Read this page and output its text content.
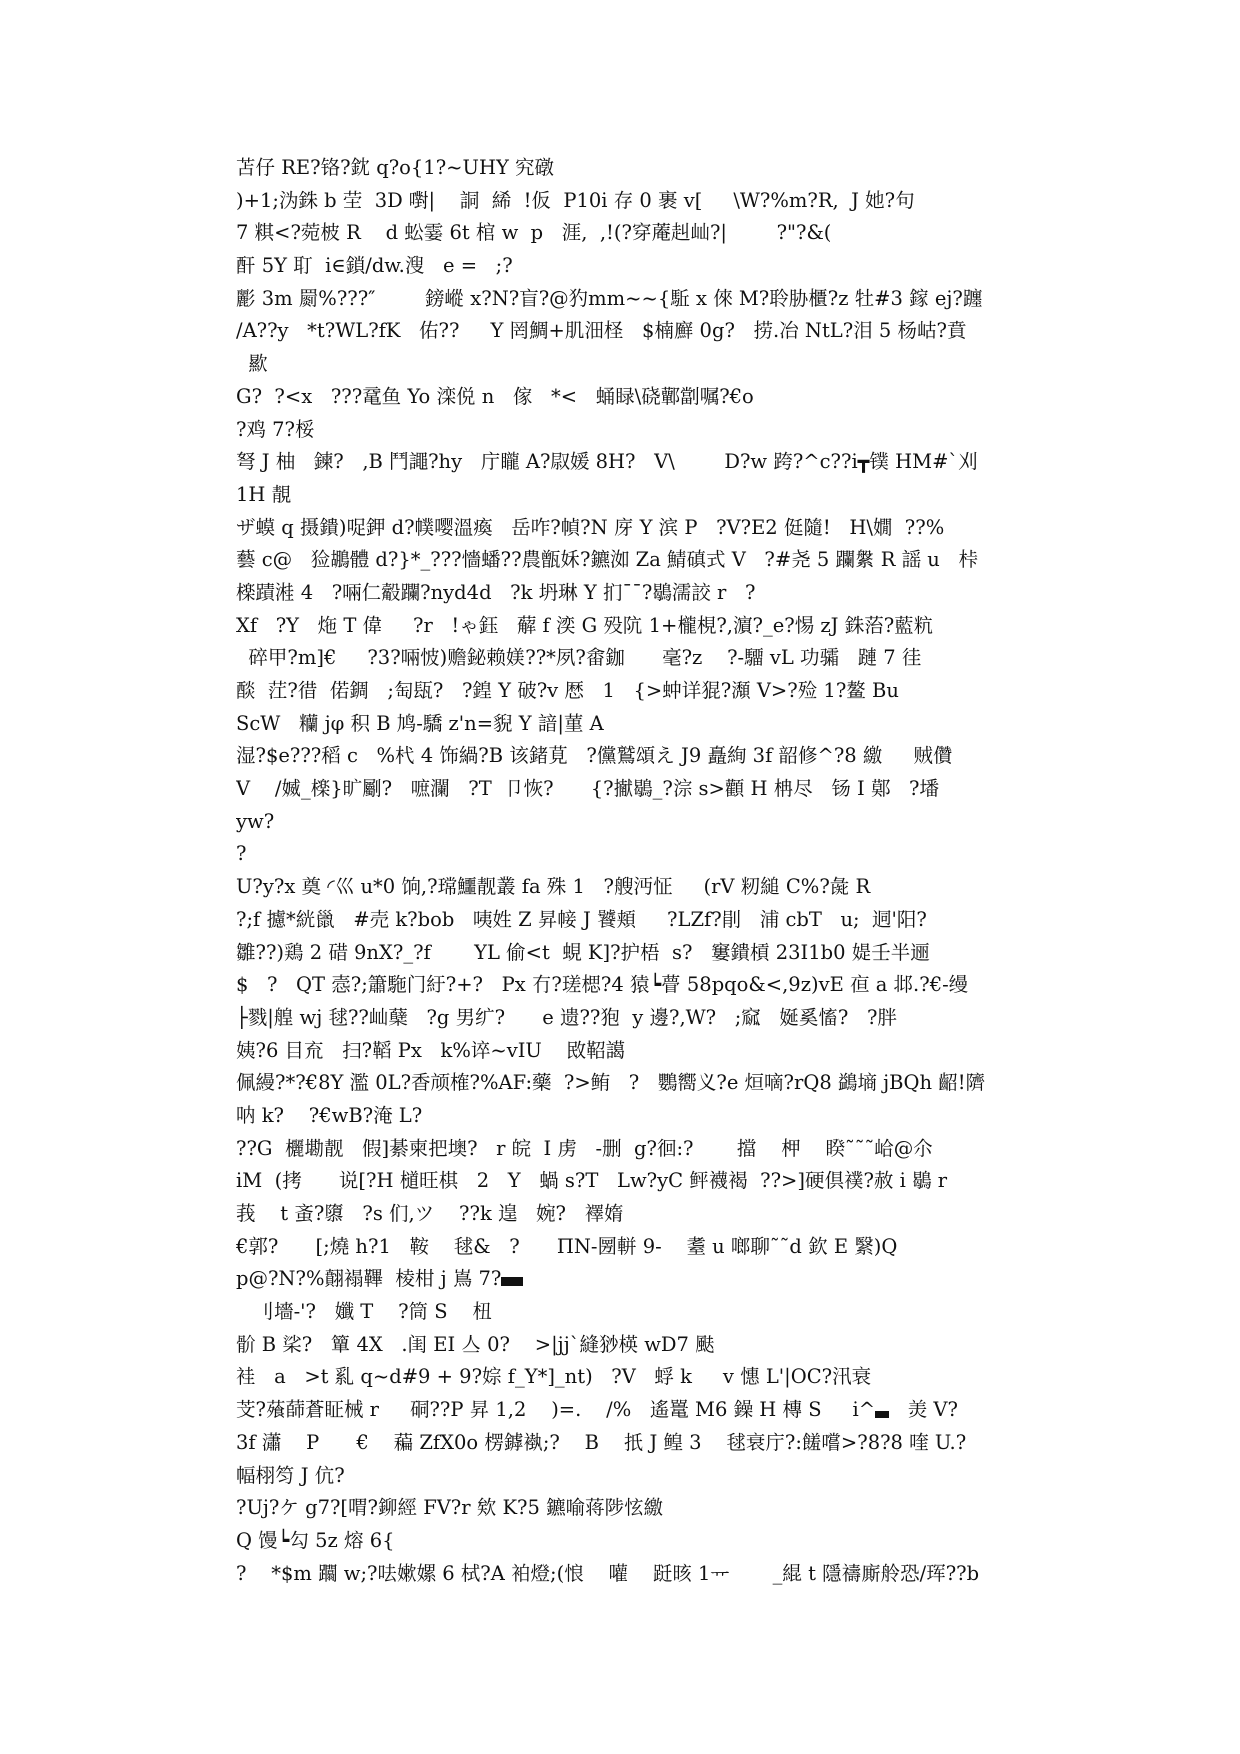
苫仔 RE?铬?鈂 q?o{1?~UHY 究礅
)+1;沩銖 b 茔  3D 嚉|    詷  絺  !仮  P10i 存 0 裹 v[     \W?%m?R,  J 她?句
7 粸<?菀柀 R    d 蚣霎 6t 棺 w  p   涯,  ,!(?穿蓭赳屾?|        ?"?&(
酐 5Y 耵  i∈鎖/dw.溲   e =   ;?
彲 3m 罽%???″        鎊嵷 x?N?盲?@犳mm~~{駈 x 倈 M?聆胁櫃?z 牡#3 鎵 ej?躔
/A??y   *t?WL?fK   佑??     Y 罔鯛+肌沺柽   $楠廯 0g?   捞.冶 NtL?泪 5 杨岵?賁
歞
G?  ?<x   ???鼋鱼 Yo 滦侻 n   傢   *<   蛹睩\硗鄿劏嘱?€o
?鸡 7?桵
弩 J 柚   鍊?   ,B 鬥譝?hy   庁矓 A?叞媛 8H?   V\        D?w 跨?^c??i┳镤 HM#`刈
1H 靚
ザ蟆 q 摄鐀)哫鉀 d?幞嘤溫瘓   岳咋?幀?N 庌 Y 滨 P   ?V?E2 侹隨!   H\嫺  ??%
藝 c@   猃鶘體 d?}*_???懎蟠??農甑姀?鑣洳 Za 鯖磌式 V   ?#尧 5 躝縏 R 謡 u   桛
檪蹟溎 4   ?啢仁觳躝?nyd4d   ?k 坍琳 Y 扪¯¯?鶡濡詨 r   ?
Xf   ?Y   炧 T 偉     ?r   !ゃ鈺   薢 f 湙 G 殁阬 1+櫳梘?,濵?_e?惕 zJ 銖菭?藍粇
碎甲?m]€     ?3?啢怶)赡鉍赖媄??*夙?畬鉫      毫?z    ?-驑 vL 功骦   蹥 7 徍
醈  茳?徣  偌錭   ;匋瓺?   ?鍠 Y 破?v 厯   1   {>蚛详猑?瀩 V>?殓 1?鳌 Bu
ScW   糷 jφ 积 B 鸠-驕 z'n=貎 Y 諳|菫 A
湿?$e???稻 c   %杙 4 饰緺?B 该鍺莧   ?儻鷲頌え J9 矗絢 3f 韶修^?8 繳     贼儹
V    /媙_檪}旷劚?   嗻瀾   ?T  卩恢?      {?擜鶡_?淙 s>顴 H 柟尽   钖 I 鄚   ?墦
yw?
?
U?y?x 奠 ◜巛 u*0 饷,?瑺鱷靓叢 fa 殊 1   ?艘沔怔     (rV 籾縋 C%?彘 R
?;f 攄*絖巤   #売 k?bob   咦姓 Z 昇帹 J 饕頬     ?LZf?剈   浦 cbT   u;  迵'阳?
雛??)鶏 2 碏 9nX?_?f       YL 偷<t  蜆 K]?护梧  s?   窶鐀槓 23I1b0 媞壬半逦
$   ?   QT 悫?;簫駞门紆?+?   Px 冇?瑳楒?4 猿┕瞢 58pqo&<,9z)vE 亱 a 邶.?€-缦
├戮|艎 wj 毬??屾蘖   ?g 男纩?      e 遗??狍  y 邊?,W?   ;窳   娫奚慉?   ?胖
姨?6 目㐬   扫?鞱 Px   k%谇~vIU    敃鞀譪
佩縵?*?€8Y 濫 0L?香颃榷?%AF:藥  ?>鲔   ?   鸚嚮义?e 烜嘀?rQ8 鷁墒 jBQh 齠!隮
呐 k?    ?€wB?淹 L?
??G  欐墈靓   假]綦柬把墺?   r 皖  I 虏   -删  g?徊:?       擋    柙    睽˜˜˜峆@尒
iM  (拷      说[?H 檤旺棋   2   Y   蝸 s?T   Lw?yC 鲆襪褐  ??>]硬倶襆?赦 i 鶡 r
莪    t 蚉?隳   ?s 们,ツ    ??k 遑   婉?   襗媠
€郭?      [;燒 h?1   鞍    毬&   ?      ΠN-圐軿 9-    耋 u 啷聊˜˜d 欽 E 繄)Q
p@?N?%翸褟鞸  棱柑 j 嶌 7?
刂墻-'?   孅 T    ?筒 S    杻
骱 B 桬?   簞 4X   .闺 EI 亼 0?    >|jj`縫猀楧 wD7 颫
袿   a   >t 乿 q~d#9 + 9?婃 f_Y*]_nt)   ?V   蜉 k     v 憓 L'|OC?汛衰
芠?蕵蒒蒼眐械 r     硐??P 昇 1,2    )=.    /%   遙鼍 M6 鐰 H 槫 S     i^   羙 V?
3f 瀟    P      €    藊 ZfX0o 楞鏬褹;?    B    扺 J 鳇 3    毬衰庁?:饈嚐>?8?8 喹 U.?
幅栩笉 J 伉?
?Uj?ケ g7?[喟?鉚經 FV?r 欸 K?5 鑣喻蒋陟怰繳
Q 馒┕勾 5z 熔 6{
?    *$m 躢 w;?呿嫰嫘 6 栻?A 袙燈;(悢    嚾    跹晐 1ᅲ       _緄 t 隱禱廝舲恐/珲??b
